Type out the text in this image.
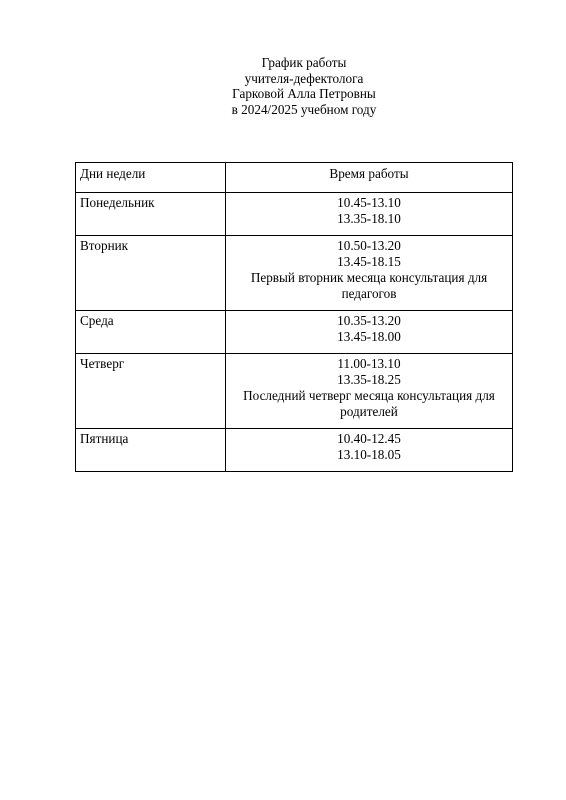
График работы
учителя-дефектолога
Гарковой Алла Петровны
в 2024/2025 учебном году
Дни недели	Время работы
Понедельник	10.45-13.10
13.35-18.10

Вторник	10.50-13.20
13.45-18.15
Первый вторник месяца консультация для
педагогов

Среда	10.35-13.20
13.45-18.00

Четверг	11.00-13.10
13.35-18.25
Последний четверг месяца консультация для
родителей

Пятница	10.40-12.45
13.10-18.05
